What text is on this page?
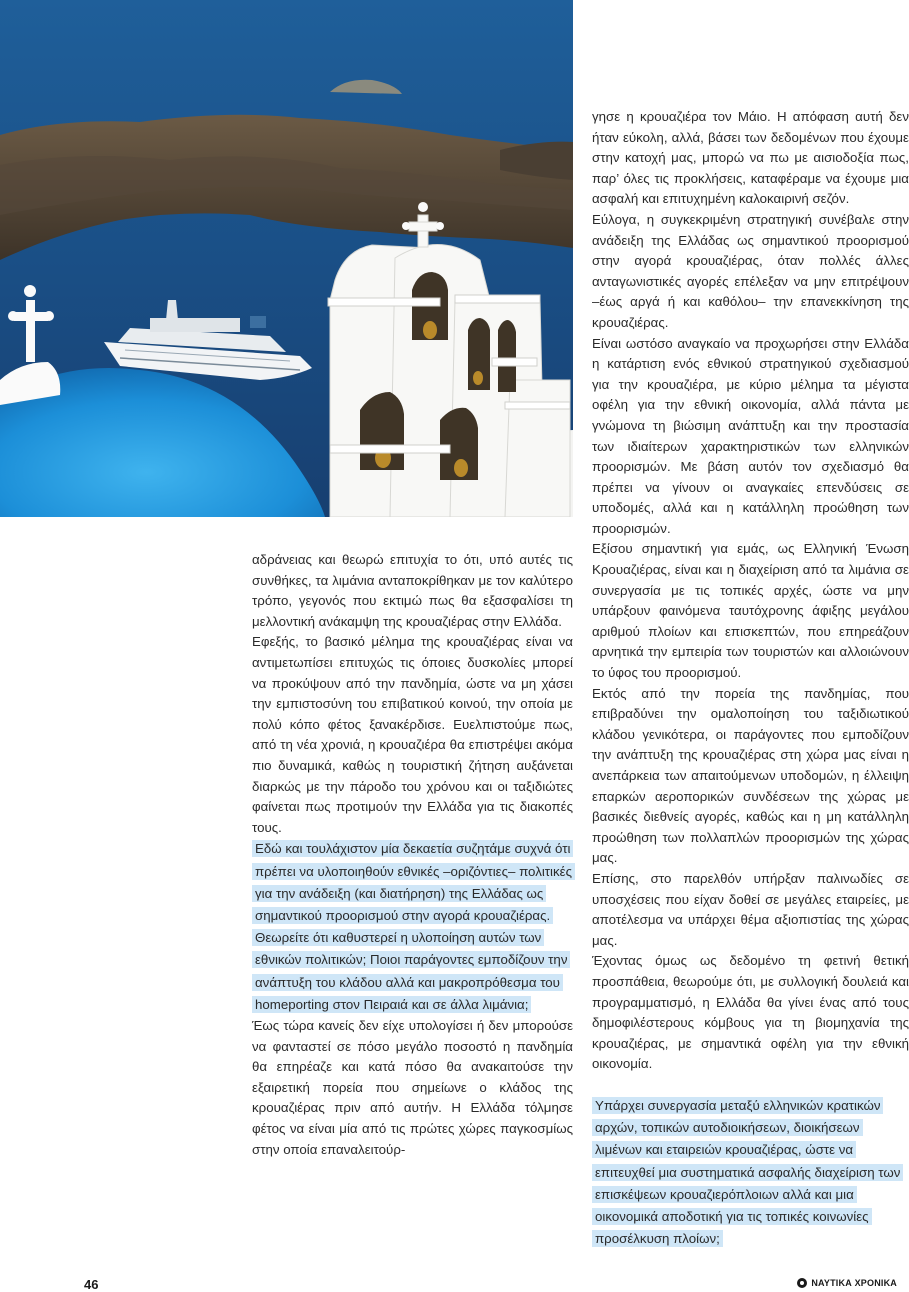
αδράνειας και θεωρώ επιτυχία το ότι, υπό αυτές τις συνθήκες, τα λιμάνια ανταποκρίθηκαν με τον καλύτερο τρόπο, γεγονός που εκτιμώ πως θα εξασφαλίσει τη μελλοντική ανάκαμψη της κρουαζιέρας στην Ελλάδα.

Εφεξής, το βασικό μέλημα της κρουαζιέρας είναι να αντιμετωπίσει επιτυχώς τις όποιες δυσκολίες μπορεί να προκύψουν από την πανδημία, ώστε να μη χάσει την εμπιστοσύνη του επιβατικού κοινού, την οποία με πολύ κόπο φέτος ξανακέρδισε. Ευελπιστούμε πως, από τη νέα χρονιά, η κρουαζιέρα θα επιστρέψει ακόμα πιο δυναμικά, καθώς η τουριστική ζήτηση αυξάνεται διαρκώς με την πάροδο του χρόνου και οι ταξιδιώτες φαίνεται πως προτιμούν την Ελλάδα για τις διακοπές τους.

Εδώ και τουλάχιστον μία δεκαετία συζητάμε συχνά ότι πρέπει να υλοποιηθούν εθνικές –οριζόντιες– πολιτικές για την ανάδειξη (και διατήρηση) της Ελλάδας ως σημαντικού προορισμού στην αγορά κρουαζιέρας. Θεωρείτε ότι καθυστερεί η υλοποίηση αυτών των εθνικών πολιτικών; Ποιοι παράγοντες εμποδίζουν την ανάπτυξη του κλάδου αλλά και μακροπρόθεσμα του homeporting στον Πειραιά και σε άλλα λιμάνια;

Έως τώρα κανείς δεν είχε υπολογίσει ή δεν μπορούσε να φανταστεί σε πόσο μεγάλο ποσοστό η πανδημία θα επηρέαζε και κατά πόσο θα ανακαιτούσε την εξαιρετική πορεία που σημείωνε ο κλάδος της κρουαζιέρας πριν από αυτήν. Η Ελλάδα τόλμησε φέτος να είναι μία από τις πρώτες χώρες παγκοσμίως στην οποία επαναλειτούρ-

γησε η κρουαζιέρα τον Μάιο. Η απόφαση αυτή δεν ήταν εύκολη, αλλά, βάσει των δεδομένων που έχουμε στην κατοχή μας, μπορώ να πω με αισιοδοξία πως, παρ’ όλες τις προκλήσεις, καταφέραμε να έχουμε μια ασφαλή και επιτυχημένη καλοκαιρινή σεζόν.

Εύλογα, η συγκεκριμένη στρατηγική συνέβαλε στην ανάδειξη της Ελλάδας ως σημαντικού προορισμού στην αγορά κρουαζιέρας, όταν πολλές άλλες ανταγωνιστικές αγορές επέλεξαν να μην επιτρέψουν –έως αργά ή και καθόλου– την επανεκκίνηση της κρουαζιέρας.

Είναι ωστόσο αναγκαίο να προχωρήσει στην Ελλάδα η κατάρτιση ενός εθνικού στρατηγικού σχεδιασμού για την κρουαζιέρα, με κύριο μέλημα τα μέγιστα οφέλη για την εθνική οικονομία, αλλά πάντα με γνώμονα τη βιώσιμη ανάπτυξη και την προστασία των ιδιαίτερων χαρακτηριστικών των ελληνικών προορισμών. Με βάση αυτόν τον σχεδιασμό θα πρέπει να γίνουν οι αναγκαίες επενδύσεις σε υποδομές, αλλά και η κατάλληλη προώθηση των προορισμών.

Εξίσου σημαντική για εμάς, ως Ελληνική Ένωση Κρουαζιέρας, είναι και η διαχείριση από τα λιμάνια σε συνεργασία με τις τοπικές αρχές, ώστε να μην υπάρξουν φαινόμενα ταυτόχρονης άφιξης μεγάλου αριθμού πλοίων και επισκεπτών, που επηρεάζουν αρνητικά την εμπειρία των τουριστών και αλλοιώνουν το ύφος του προορισμού.

Εκτός από την πορεία της πανδημίας, που επιβραδύνει την ομαλοποίηση του ταξιδιωτικού κλάδου γενικότερα, οι παράγοντες που εμποδίζουν την ανάπτυξη της κρουαζιέρας στη χώρα μας είναι η ανεπάρκεια των απαιτούμενων υποδομών, η έλλειψη επαρκών αεροπορικών συνδέσεων της χώρας με βασικές διεθνείς αγορές, καθώς και η μη κατάλληλη προώθηση των πολλαπλών προορισμών της χώρας μας.

Επίσης, στο παρελθόν υπήρξαν παλινωδίες σε υποσχέσεις που είχαν δοθεί σε μεγάλες εταιρείες, με αποτέλεσμα να υπάρχει θέμα αξιοπιστίας της χώρας μας.

Έχοντας όμως ως δεδομένο τη φετινή θετική προσπάθεια, θεωρούμε ότι, με συλλογική δουλειά και προγραμματισμό, η Ελλάδα θα γίνει ένας από τους δημοφιλέστερους κόμβους για τη βιομηχανία της κρουαζιέρας, με σημαντικά οφέλη για την εθνική οικονομία.

Υπάρχει συνεργασία μεταξύ ελληνικών κρατικών αρχών, τοπικών αυτοδιοικήσεων, διοικήσεων λιμένων και εταιρειών κρουαζιέρας, ώστε να επιτευχθεί μια συστηματικά ασφαλής διαχείριση των επισκέψεων κρουαζιερόπλοιων αλλά και μια οικονομικά αποδοτική για τις τοπικές κοινωνίες προσέλκυση πλοίων;

46	ΝΑΥΤΙΚΑ ΧΡΟΝΙΚΑ
